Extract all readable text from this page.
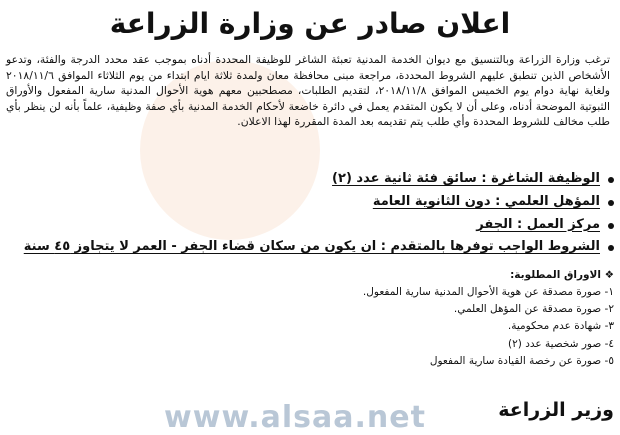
www.alsaa.net
اعلان صادر عن وزارة الزراعة
ترغب وزارة الزراعة وبالتنسيق مع ديوان الخدمة المدنية تعبئة الشاغر للوظيفة المحددة أدناه بموجب عقد محدد الدرجة والفئة، وتدعو الأشخاص الذين تنطبق عليهم الشروط المحددة، مراجعة مبنى محافظة معان ولمدة ثلاثة ايام ابتداء من يوم الثلاثاء الموافق ٢٠١٨/١١/٦ ولغاية نهاية دوام يوم الخميس الموافق ٢٠١٨/١١/٨، لتقديم الطلبات، مصطحبين معهم هوية الأحوال المدنية سارية المفعول والأوراق الثبوتية الموضحة أدناه، وعلى أن لا يكون المتقدم يعمل في دائرة خاضعة لأحكام الخدمة المدنية بأي صفة وظيفية، علماً بأنه لن ينظر بأي طلب مخالف للشروط المحددة وأي طلب يتم تقديمه بعد المدة المقررة لهذا الاعلان.
الوظيفة الشاغرة : سائق فئة ثانية عدد (٢)
المؤهل العلمي : دون الثانوية العامة
مركز العمل : الجفر
الشروط الواجب توفرها بالمتقدم : ان يكون من سكان قضاء الجفر - العمر لا يتجاوز ٤٥ سنة
❖ الاوراق المطلوبة:
١- صورة مصدقة عن هوية الأحوال المدنية سارية المفعول.
٢- صورة مصدقة عن المؤهل العلمي.
٣- شهادة عدم محكومية.
٤- صور شخصية عدد (٢)
٥- صورة عن رخصة القيادة سارية المفعول
وزير الزراعة
